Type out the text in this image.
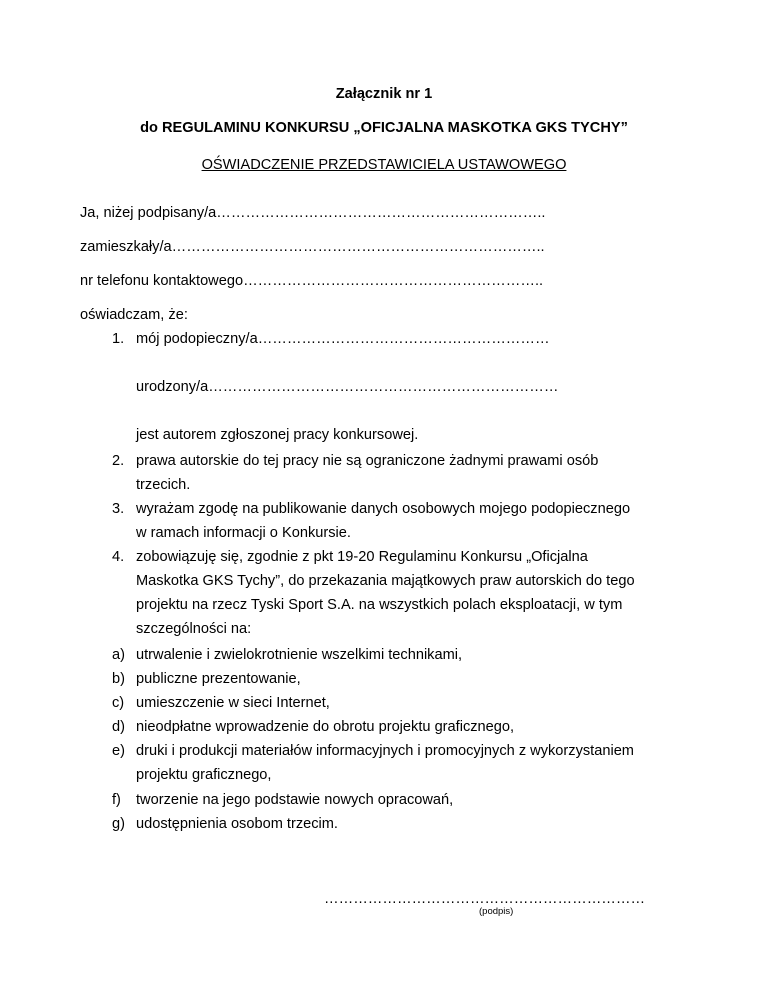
Załącznik nr 1
do REGULAMINU KONKURSU „OFICJALNA MASKOTKA GKS TYCHY”
OŚWIADCZENIE PRZEDSTAWICIELA USTAWOWEGO
Ja, niżej podpisany/a…………………………………………………………..
zamieszkały/a…………………………………………………………………..
nr telefonu kontaktowego……………………………………………………..
oświadczam, że:
1. mój podopieczny/a……………………………………………………
urodzony/a………………………………………………………………
jest autorem zgłoszonej pracy konkursowej.
2. prawa autorskie do tej pracy nie są ograniczone żadnymi prawami osób
trzecich.
3. wyrażam zgodę na publikowanie danych osobowych mojego podopiecznego
w ramach informacji o Konkursie.
4. zobowiązuję się, zgodnie z pkt 19-20 Regulaminu Konkursu „Oficjalna
Maskotka GKS Tychy”, do przekazania majątkowych praw autorskich do tego
projektu na rzecz Tyski Sport S.A. na wszystkich polach eksploatacji, w tym
szczególności na:
a) utrwalenie i zwielokrotnienie wszelkimi technikami,
b) publiczne prezentowanie,
c) umieszczenie w sieci Internet,
d) nieodpłatne wprowadzenie do obrotu projektu graficznego,
e) druki i produkcji materiałów informacyjnych i promocyjnych z wykorzystaniem
projektu graficznego,
f) tworzenie na jego podstawie nowych opracowań,
g) udostępnienia osobom trzecim.
…………………………………………………………
(podpis)
